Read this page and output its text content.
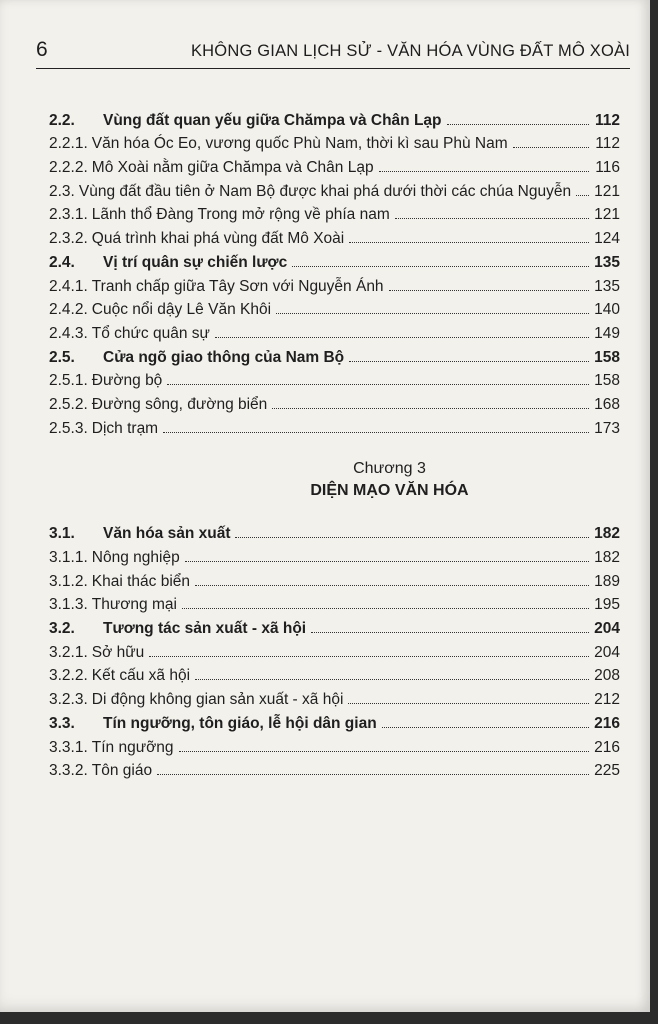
6	KHÔNG GIAN LỊCH SỬ - VĂN HÓA VÙNG ĐẤT MÔ XOÀI
2.2.	Vùng đất quan yếu giữa Chămpa và Chân Lạp	112
2.2.1. Văn hóa Óc Eo, vương quốc Phù Nam, thời kì sau Phù Nam	112
2.2.2. Mô Xoài nằm giữa Chămpa và Chân Lạp	116
2.3. Vùng đất đầu tiên ở Nam Bộ được khai phá dưới thời các chúa Nguyễn 121
2.3.1. Lãnh thổ Đàng Trong mở rộng về phía nam	121
2.3.2. Quá trình khai phá vùng đất Mô Xoài	124
2.4.	Vị trí quân sự chiến lược	135
2.4.1. Tranh chấp giữa Tây Sơn với Nguyễn Ánh	135
2.4.2. Cuộc nổi dậy Lê Văn Khôi	140
2.4.3. Tổ chức quân sự	149
2.5.	Cửa ngõ giao thông của Nam Bộ	158
2.5.1. Đường bộ	158
2.5.2. Đường sông, đường biển	168
2.5.3. Dịch trạm	173
Chương 3
DIỆN MẠO VĂN HÓA
3.1.	Văn hóa sản xuất	182
3.1.1. Nông nghiệp	182
3.1.2. Khai thác biển	189
3.1.3. Thương mại	195
3.2.	Tương tác sản xuất - xã hội	204
3.2.1. Sở hữu	204
3.2.2. Kết cấu xã hội	208
3.2.3. Di động không gian sản xuất - xã hội	212
3.3.	Tín ngưỡng, tôn giáo, lễ hội dân gian	216
3.3.1. Tín ngưỡng	216
3.3.2. Tôn giáo	225
